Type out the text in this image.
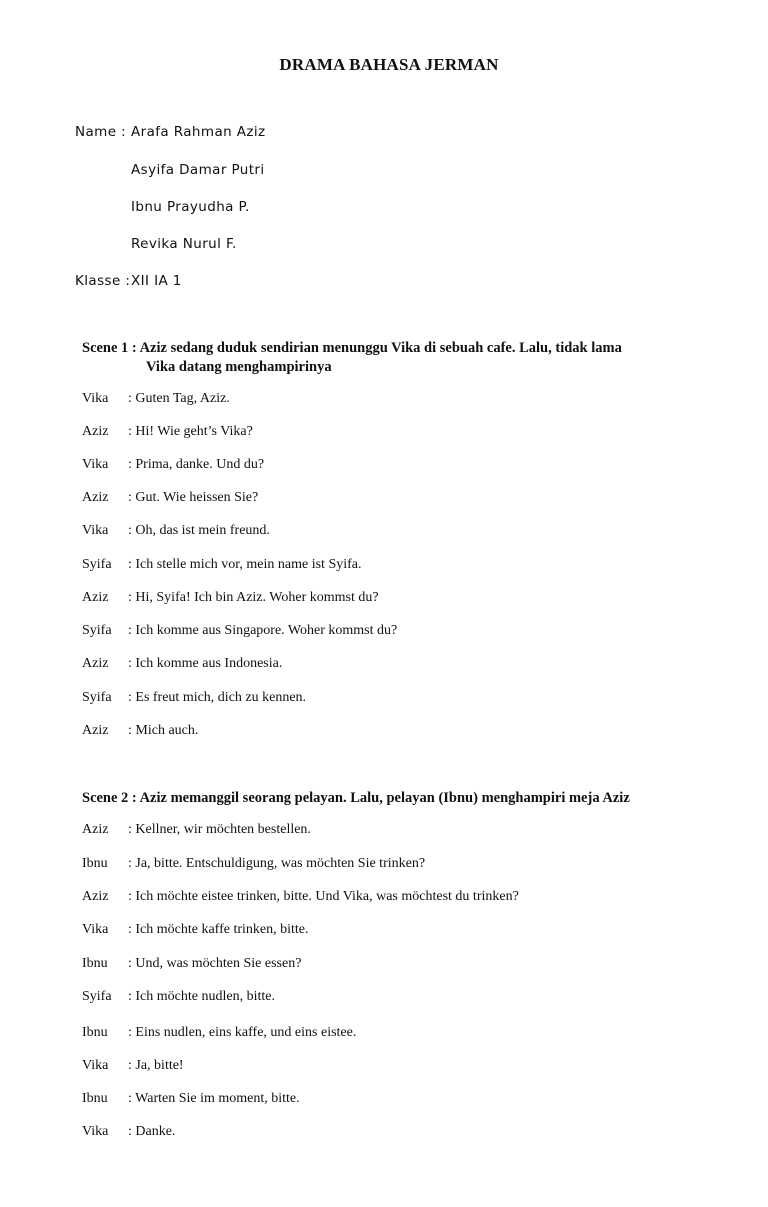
DRAMA BAHASA JERMAN
Name : Arafa Rahman Aziz
Asyifa Damar Putri
Ibnu Prayudha P.
Revika Nurul F.
Klasse :XII IA 1
Scene 1 : Aziz sedang duduk sendirian menunggu Vika di sebuah cafe. Lalu, tidak lama
Vika datang menghampirinya
Vika : Guten Tag, Aziz.
Aziz : Hi! Wie geht’s Vika?
Vika : Prima, danke. Und du?
Aziz : Gut. Wie heissen Sie?
Vika : Oh, das ist mein freund.
Syifa : Ich stelle mich vor, mein name ist Syifa.
Aziz : Hi, Syifa! Ich bin Aziz. Woher kommst du?
Syifa : Ich komme aus Singapore. Woher kommst du?
Aziz : Ich komme aus Indonesia.
Syifa : Es freut mich, dich zu kennen.
Aziz : Mich auch.
Scene 2 : Aziz memanggil seorang pelayan. Lalu, pelayan (Ibnu) menghampiri meja Aziz
Aziz : Kellner, wir mӧchten bestellen.
Ibnu : Ja, bitte. Entschuldigung, was mӧchten Sie trinken?
Aziz : Ich mӧchte eistee trinken, bitte. Und Vika, was mӧchtest du trinken?
Vika : Ich mӧchte kaffe trinken, bitte.
Ibnu : Und, was mӧchten Sie essen?
Syifa : Ich mӧchte nudlen, bitte.
Ibnu : Eins nudlen, eins kaffe, und eins eistee.
Vika : Ja, bitte!
Ibnu : Warten Sie im moment, bitte.
Vika : Danke.
